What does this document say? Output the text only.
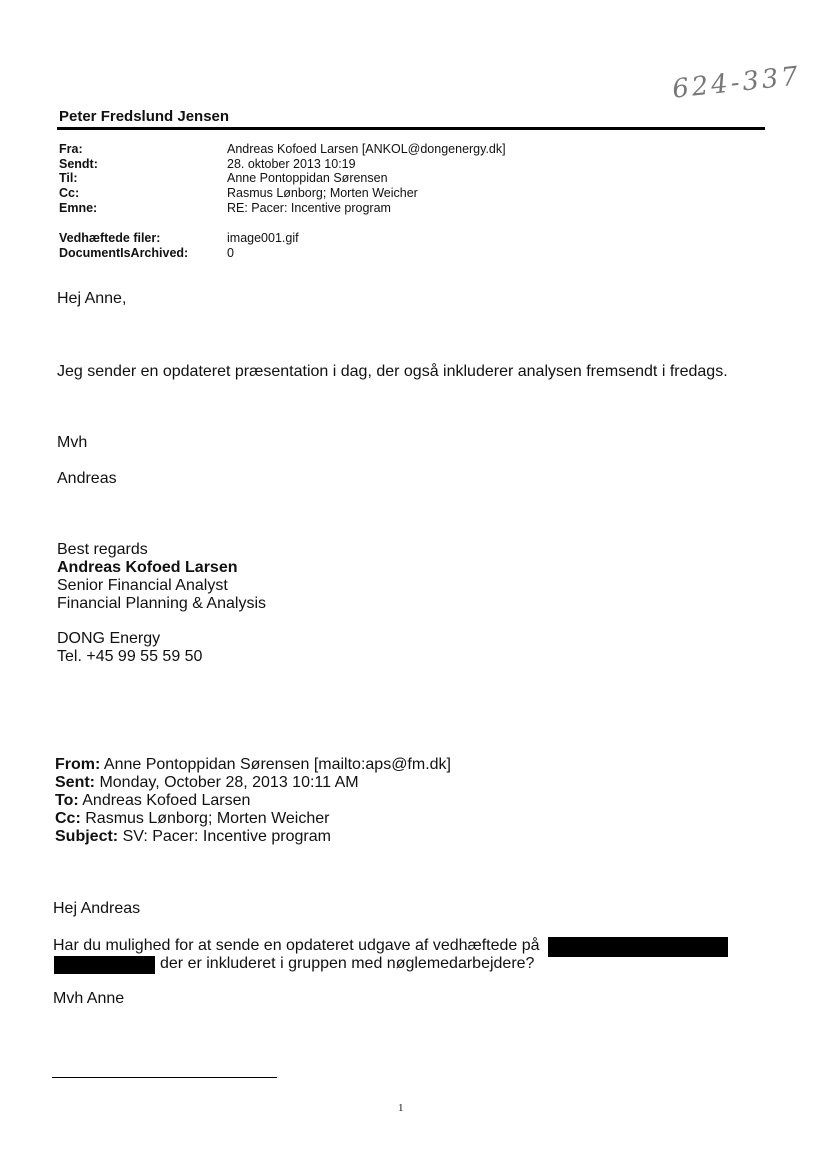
624-337
Peter Fredslund Jensen
Fra:	Andreas Kofoed Larsen [ANKOL@dongenergy.dk]
Sendt:	28. oktober 2013 10:19
Til:	Anne Pontoppidan Sørensen
Cc:	Rasmus Lønborg; Morten Weicher
Emne:	RE: Pacer: Incentive program
Vedhæftede filer:	image001.gif
DocumentIsArchived:	0
Hej Anne,
Jeg sender en opdateret præsentation i dag, der også inkluderer analysen fremsendt i fredags.
Mvh
Andreas
Best regards
Andreas Kofoed Larsen
Senior Financial Analyst
Financial Planning & Analysis
DONG Energy
Tel. +45 99 55 59 50
From: Anne Pontoppidan Sørensen [mailto:aps@fm.dk]
Sent: Monday, October 28, 2013 10:11 AM
To: Andreas Kofoed Larsen
Cc: Rasmus Lønborg; Morten Weicher
Subject: SV: Pacer: Incentive program
Hej Andreas
Har du mulighed for at sende en opdateret udgave af vedhæftede på
der er inkluderet i gruppen med nøglemedarbejdere?
Mvh Anne
1
